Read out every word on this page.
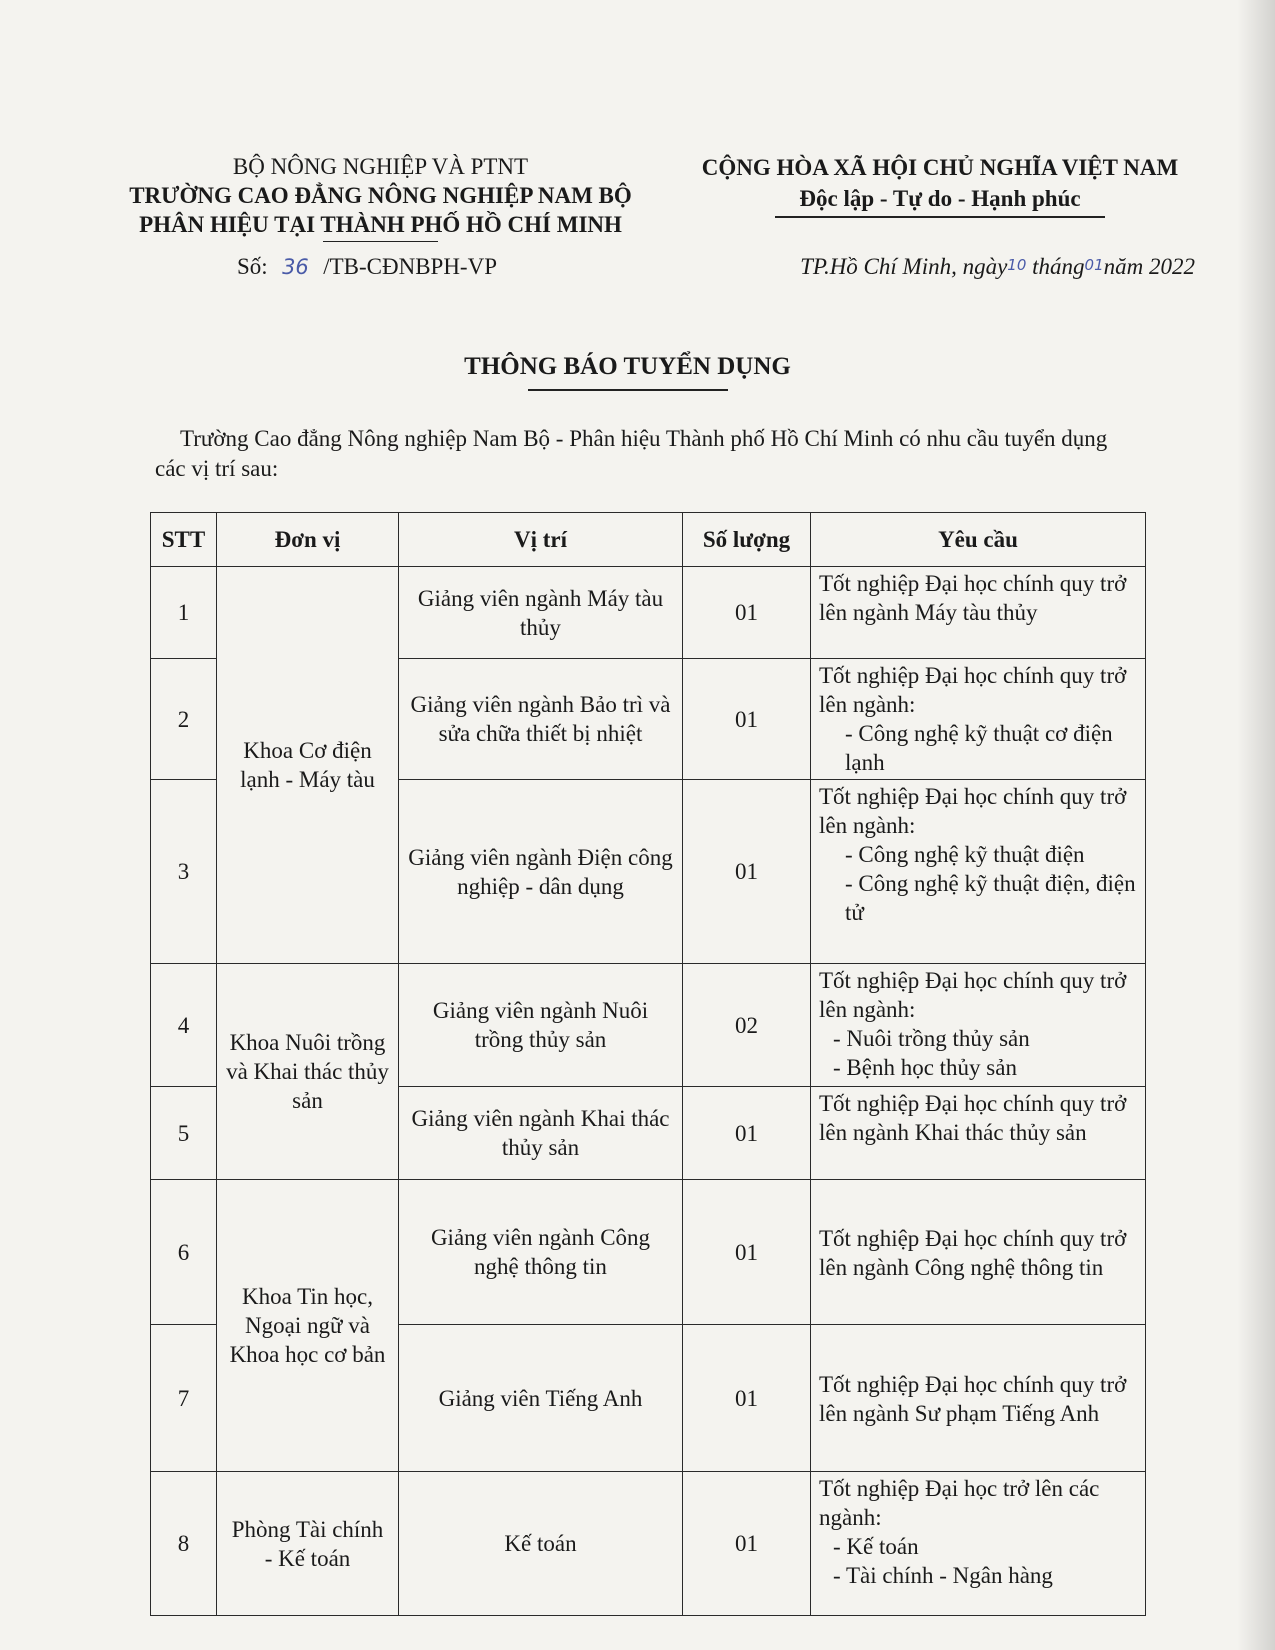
BỘ NÔNG NGHIỆP VÀ PTNT
TRƯỜNG CAO ĐẲNG NÔNG NGHIỆP NAM BỘ
PHÂN HIỆU TẠI THÀNH PHỐ HỒ CHÍ MINH
CỘNG HÒA XÃ HỘI CHỦ NGHĨA VIỆT NAM
Độc lập - Tự do - Hạnh phúc
Số: 36 /TB-CĐNBPH-VP	TP.Hồ Chí Minh, ngày10 tháng01năm 2022
THÔNG BÁO TUYỂN DỤNG
Trường Cao đẳng Nông nghiệp Nam Bộ - Phân hiệu Thành phố Hồ Chí Minh có nhu cầu tuyển dụng các vị trí sau:
STT	Đơn vị	Vị trí	Số lượng	Yêu cầu
1	Khoa Cơ điện lạnh - Máy tàu	Giảng viên ngành Máy tàu thủy	01	Tốt nghiệp Đại học chính quy trở lên ngành Máy tàu thủy

2		Giảng viên ngành Bảo trì và sửa chữa thiết bị nhiệt	01	Tốt nghiệp Đại học chính quy trở lên ngành:
- Công nghệ kỹ thuật cơ điện lạnh

3		Giảng viên ngành Điện công nghiệp - dân dụng	01	Tốt nghiệp Đại học chính quy trở lên ngành:
- Công nghệ kỹ thuật điện
- Công nghệ kỹ thuật điện, điện tử

4	Khoa Nuôi trồng và Khai thác thủy sản	Giảng viên ngành Nuôi trồng thủy sản	02	Tốt nghiệp Đại học chính quy trở lên ngành:
- Nuôi trồng thủy sản
- Bệnh học thủy sản

5		Giảng viên ngành Khai thác thủy sản	01	Tốt nghiệp Đại học chính quy trở lên ngành Khai thác thủy sản

6	Khoa Tin học, Ngoại ngữ và Khoa học cơ bản	Giảng viên ngành Công nghệ thông tin	01	Tốt nghiệp Đại học chính quy trở lên ngành Công nghệ thông tin

7		Giảng viên Tiếng Anh	01	Tốt nghiệp Đại học chính quy trở lên ngành Sư phạm Tiếng Anh

8	Phòng Tài chính - Kế toán	Kế toán	01	Tốt nghiệp Đại học trở lên các ngành:
- Kế toán
- Tài chính - Ngân hàng
